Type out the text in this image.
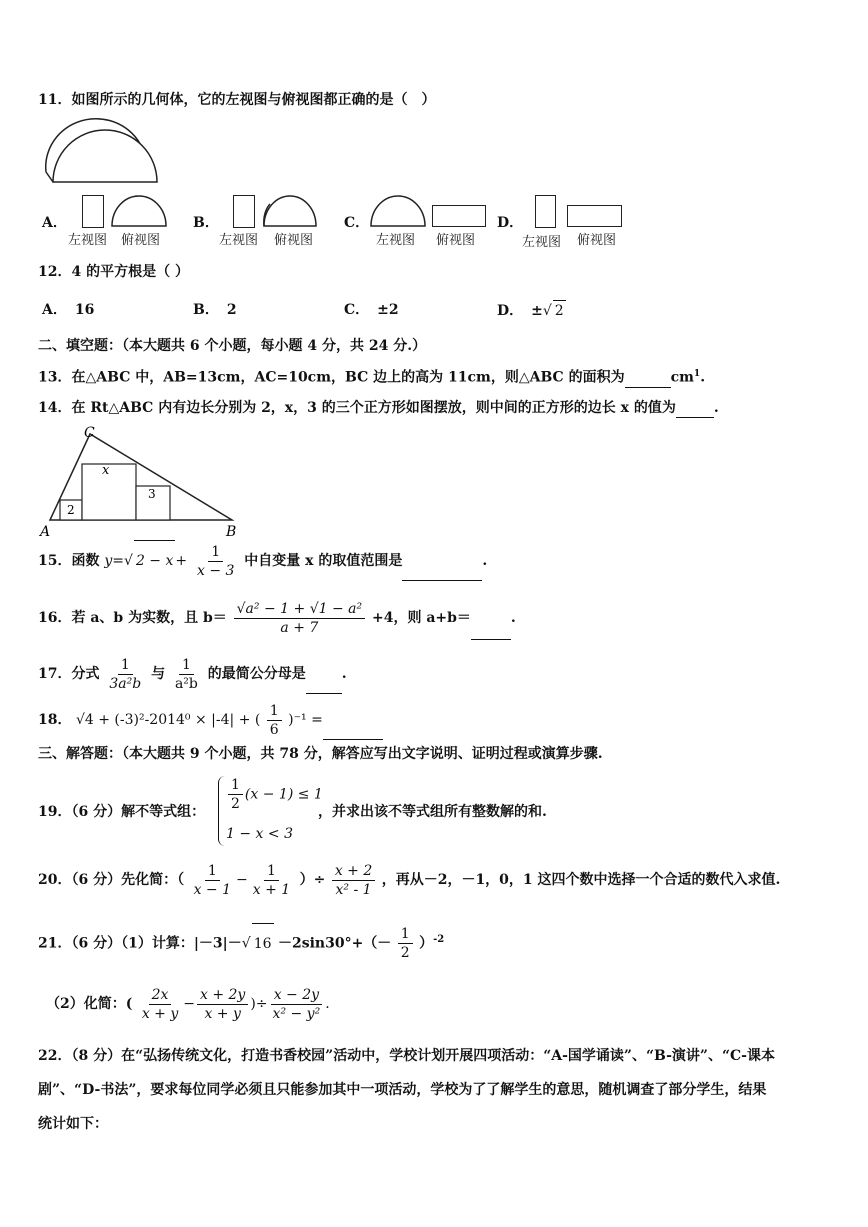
11．如图所示的几何体，它的左视图与俯视图都正确的是（　）
A．
左视图 俯视图
B．
左视图 俯视图
C．
左视图 俯视图
D．
左视图 俯视图
12．4 的平方根是（ ）
A． 16	B． 2	C． ±2	D． ±√ 2
二、填空题：（本大题共 6 个小题，每小题 4 分，共 24 分.）
13．在△ABC 中，AB=13cm，AC=10cm，BC 边上的高为 11cm，则△ABC 的面积为	$cm^1$.
14．在 Rt△ABC 内有边长分别为 2，x，3 的三个正方形如图摆放，则中间的正方形的边长 x 的值为	.
C
A	B
x
2
3
15．函数 y=√ $2 - x + \frac{1}{x - 3}$ 中自变量 x 的取值范围是	.
16．若 a、b 为实数，且 $b= \frac{\text{√a² − 1 + √1 − a²}}{a + 7} +4$，则 a+b＝	.
17．分式 $\frac{1}{\text{3a²b}}$ 与 $\frac{1}{\text{a²b}}$ 的最简公分母是	.
18． √4 + (-3)²-2014⁰ × |-4| + ( $\frac{1}{6} )^{-1}$ =
三、解答题：（本大题共 9 个小题，共 78 分，解答应写出文字说明、证明过程或演算步骤.
19．（6 分）解不等式组： $\frac{1}{2} (x - 1) \le 1$
1 − x < 3
，并求出该不等式组所有整数解的和.
20．（6 分）先化简：（ $\frac{1}{x - 1} - \frac{1}{x + 1}$ ）÷ $\frac{x + 2}{\text{x² - 1}}$ ，再从－2，－1，0，1 这四个数中选择一个合适的数代入求值.
21．（6 分）（1）计算：|－3|－√ $16 -2\sin 30^\circ+(- \frac{1}{2} )^{-2}$
（2）化简：( $\frac{2x}{x + y} - \frac{x + 2y}{x + y}$ )÷ $\frac{x - 2y}{\text{x² − y²}}$ .
22．（8 分）在“弘扬传统文化，打造书香校园”活动中，学校计划开展四项活动：“A-国学诵读”、“B-演讲”、“C-课本
剧”、“D-书法”，要求每位同学必须且只能参加其中一项活动，学校为了了解学生的意思，随机调查了部分学生，结果
统计如下：
